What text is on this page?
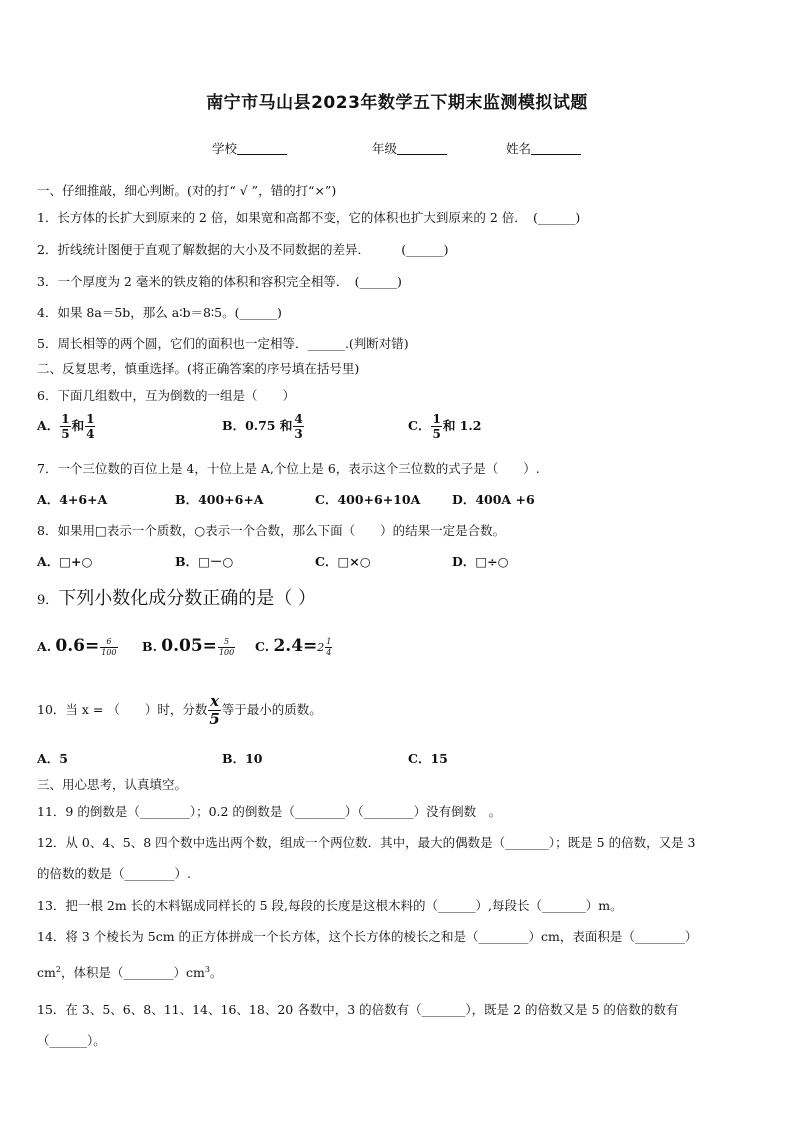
南宁市马山县2023年数学五下期末监测模拟试题
学校	年级	姓名
一、仔细推敲，细心判断。(对的打“ √ ”，错的打“×”)
1．长方体的长扩大到原来的 2 倍，如果宽和高都不变，它的体积也扩大到原来的 2 倍．　(______)
2．折线统计图便于直观了解数据的大小及不同数据的差异．　　　(______)
3．一个厚度为 2 毫米的铁皮箱的体积和容积完全相等．　(______)
4．如果 8a＝5b，那么 a∶b＝8∶5。(______)
5．周长相等的两个圆，它们的面积也一定相等．______.(判断对错)
二、反复思考，慎重选择。(将正确答案的序号填在括号里)
6．下面几组数中，互为倒数的一组是（　　）
A． $\frac{1}{5}$ 和 $\frac{1}{4}$	B．0.75 和 $\frac{4}{3}$	C． $\frac{1}{5}$ 和 1.2
7．一个三位数的百位上是 4，十位上是 A,个位上是 6，表示这个三位数的式子是（　　）.
A．4+6+A	B．400+6+A	C．400+6+10A	D．400A +6
8．如果用□表示一个质数，○表示一个合数，那么下面（　　）的结果一定是合数。
A．□+○	B．□－○	C．□×○	D．□÷○
9．下列小数化成分数正确的是（ ）
A. $0.6= \frac{6}{100} B$. $0.05= \frac{5}{100} C$. $2.4=2 \frac{1}{4}$
10．当 x = （　　）时，分数 $\frac{x}{5}$ 等于最小的质数。
A．5	B．10	C．15
三、用心思考，认真填空。
11．9 的倒数是（________）；0.2 的倒数是（________）（________）没有倒数　。
12．从 0、4、5、8 四个数中选出两个数，组成一个两位数．其中，最大的偶数是（_______）；既是 5 的倍数，又是 3
的倍数的数是（________）.
13．把一根 2m 长的木料锯成同样长的 5 段,每段的长度是这根木料的（______）,每段长（_______）m。
14．将 3 个棱长为 5cm 的正方体拼成一个长方体，这个长方体的棱长之和是（________）cm，表面积是（________）
$cm^2$，体积是$(\_\_\_\_\_\_\_\_)cm^3$。
15．在 3、5、6、8、11、14、16、18、20 各数中，3 的倍数有（_______），既是 2 的倍数又是 5 的倍数的数有
（______）。
